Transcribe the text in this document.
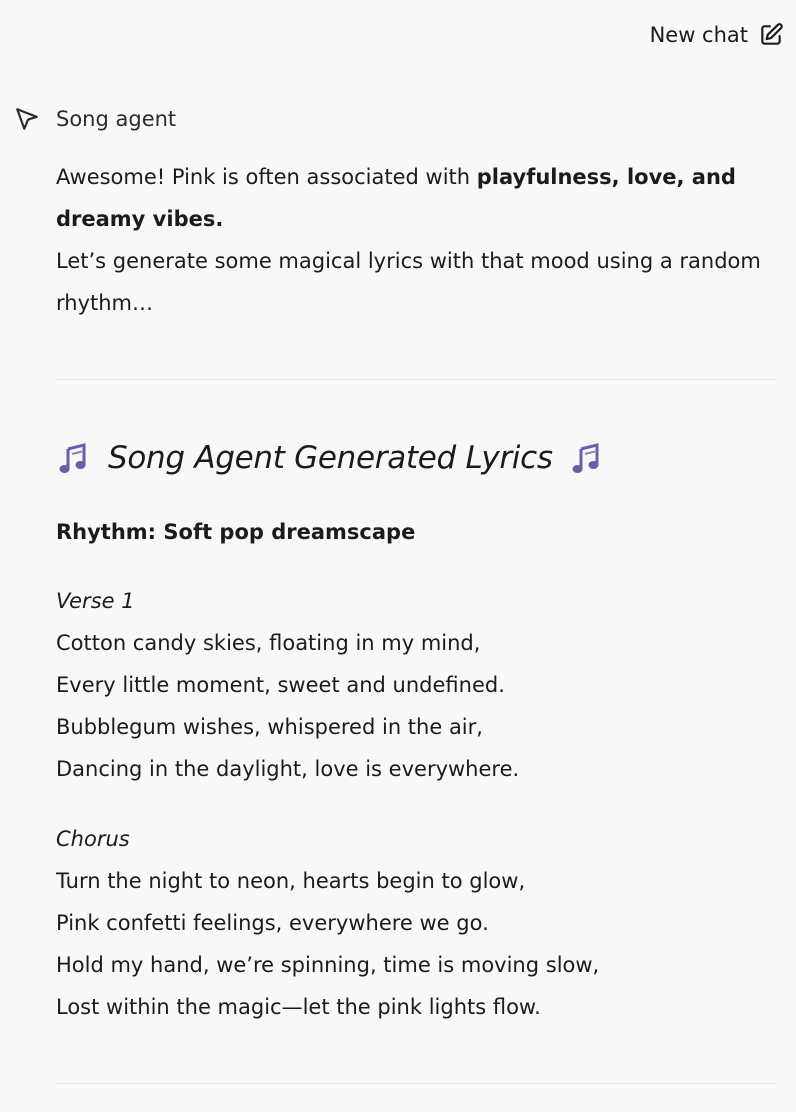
New chat
Song agent
Awesome! Pink is often associated with playfulness, love, and dreamy vibes.
Let’s generate some magical lyrics with that mood using a random rhythm…
Song Agent Generated Lyrics
Rhythm: Soft pop dreamscape
Verse 1
Cotton candy skies, floating in my mind,
Every little moment, sweet and undefined.
Bubblegum wishes, whispered in the air,
Dancing in the daylight, love is everywhere.
Chorus
Turn the night to neon, hearts begin to glow,
Pink confetti feelings, everywhere we go.
Hold my hand, we’re spinning, time is moving slow,
Lost within the magic—let the pink lights flow.
